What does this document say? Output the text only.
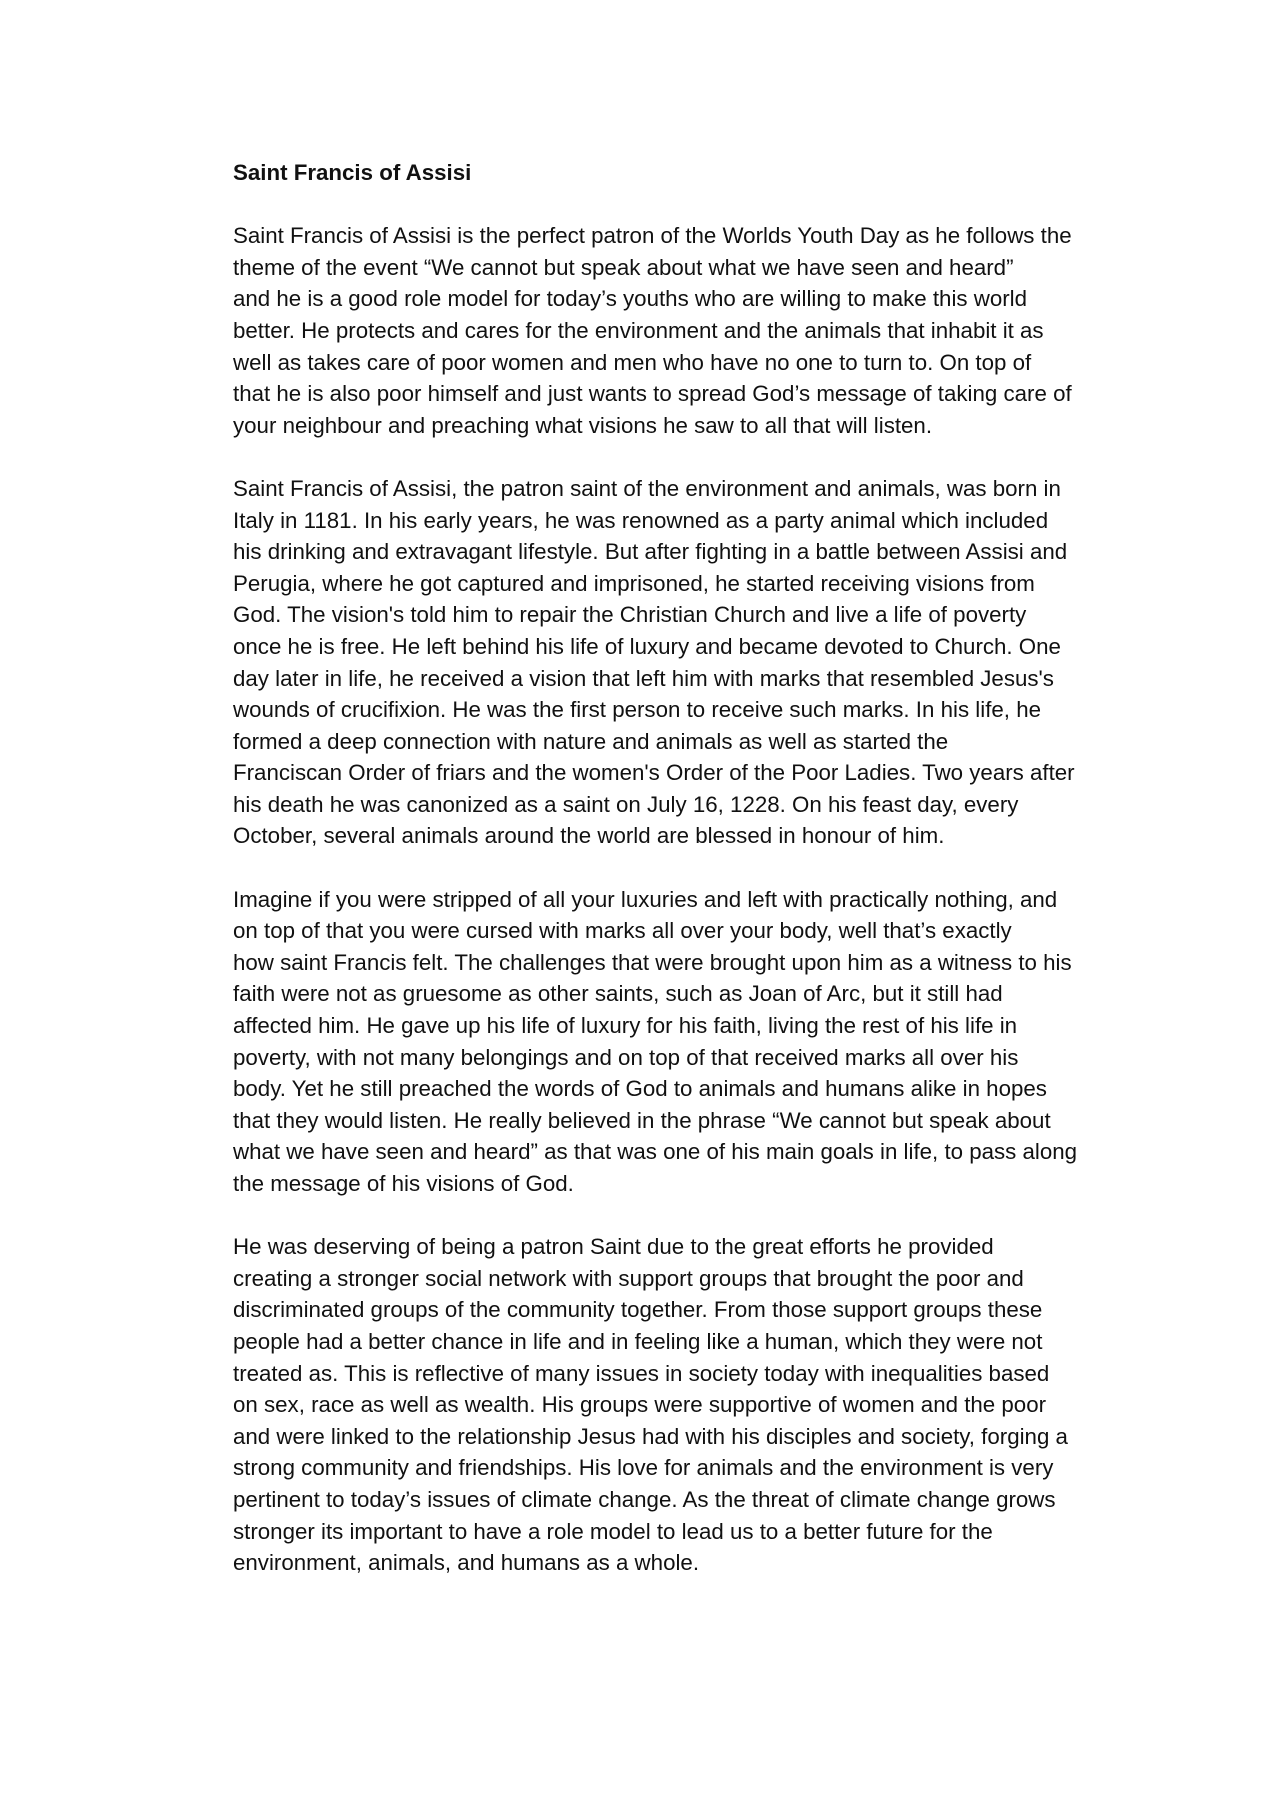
Saint Francis of Assisi
Saint Francis of Assisi is the perfect patron of the Worlds Youth Day as he follows the
theme of the event “We cannot but speak about what we have seen and heard”
and he is a good role model for today’s youths who are willing to make this world
better. He protects and cares for the environment and the animals that inhabit it as
well as takes care of poor women and men who have no one to turn to. On top of
that he is also poor himself and just wants to spread God’s message of taking care of
your neighbour and preaching what visions he saw to all that will listen.
Saint Francis of Assisi, the patron saint of the environment and animals, was born in
Italy in 1181. In his early years, he was renowned as a party animal which included
his drinking and extravagant lifestyle. But after fighting in a battle between Assisi and
Perugia, where he got captured and imprisoned, he started receiving visions from
God. The vision's told him to repair the Christian Church and live a life of poverty
once he is free. He left behind his life of luxury and became devoted to Church. One
day later in life, he received a vision that left him with marks that resembled Jesus's
wounds of crucifixion. He was the first person to receive such marks. In his life, he
formed a deep connection with nature and animals as well as started the
Franciscan Order of friars and the women's Order of the Poor Ladies. Two years after
his death he was canonized as a saint on July 16, 1228. On his feast day, every
October, several animals around the world are blessed in honour of him.
Imagine if you were stripped of all your luxuries and left with practically nothing, and
on top of that you were cursed with marks all over your body, well that’s exactly
how saint Francis felt. The challenges that were brought upon him as a witness to his
faith were not as gruesome as other saints, such as Joan of Arc, but it still had
affected him. He gave up his life of luxury for his faith, living the rest of his life in
poverty, with not many belongings and on top of that received marks all over his
body. Yet he still preached the words of God to animals and humans alike in hopes
that they would listen. He really believed in the phrase “We cannot but speak about
what we have seen and heard” as that was one of his main goals in life, to pass along
the message of his visions of God.
He was deserving of being a patron Saint due to the great efforts he provided
creating a stronger social network with support groups that brought the poor and
discriminated groups of the community together. From those support groups these
people had a better chance in life and in feeling like a human, which they were not
treated as. This is reflective of many issues in society today with inequalities based
on sex, race as well as wealth. His groups were supportive of women and the poor
and were linked to the relationship Jesus had with his disciples and society, forging a
strong community and friendships. His love for animals and the environment is very
pertinent to today’s issues of climate change. As the threat of climate change grows
stronger its important to have a role model to lead us to a better future for the
environment, animals, and humans as a whole.
